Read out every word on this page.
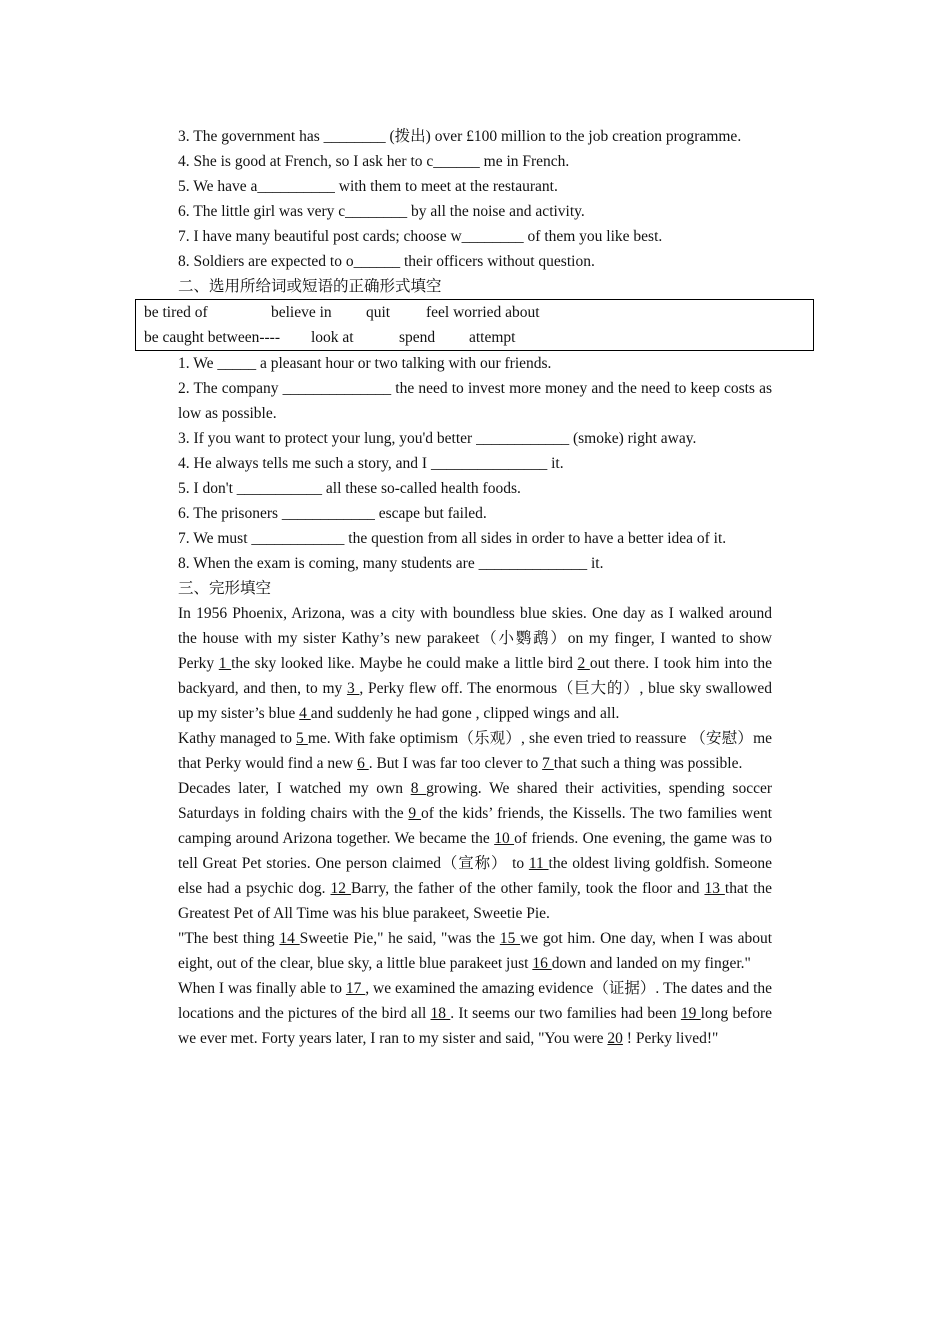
3. The government has ________ (拨出) over £100 million to the job creation programme.

4. She is good at French, so I ask her to c______ me in French.

5. We have a__________ with them to meet at the restaurant.

6. The little girl was very c________ by all the noise and activity.

7. I have many beautiful post cards; choose w________ of them you like best.

8. Soldiers are expected to o______ their officers without question.

二、选用所给词或短语的正确形式填空

be tired of	believe in quit feel worried about
be caught between---- look at	spend attempt

1. We _____ a pleasant hour or two talking with our friends.

2. The company ______________ the need to invest more money and the need to keep costs as low as possible.

3. If you want to protect your lung, you'd better ____________ (smoke) right away.

4. He always tells me such a story, and I _______________ it.

5. I don't ___________ all these so-called health foods.

6. The prisoners ____________ escape but failed.

7. We must ____________ the question from all sides in order to have a better idea of it.

8. When the exam is coming, many students are ______________ it.

三、完形填空

In 1956 Phoenix, Arizona, was a city with boundless blue skies. One day as I walked around the house with my sister Kathy’s new parakeet（小鹦鹉）on my finger, I wanted to show Perky 1 the sky looked like. Maybe he could make a little bird 2 out there. I took him into the backyard, and then, to my 3 , Perky flew off. The enormous（巨大的）, blue sky swallowed up my sister’s blue 4 and suddenly he had gone , clipped wings and all.

Kathy managed to 5 me. With fake optimism（乐观）, she even tried to reassure （安慰）me that Perky would find a new 6 . But I was far too clever to 7 that such a thing was possible.

Decades later, I watched my own 8 growing. We shared their activities, spending soccer Saturdays in folding chairs with the 9 of the kids’ friends, the Kissells. The two families went camping around Arizona together. We became the 10 of friends. One evening, the game was to tell Great Pet stories. One person claimed（宣称） to 11 the oldest living goldfish. Someone else had a psychic dog. 12 Barry, the father of the other family, took the floor and 13 that the Greatest Pet of All Time was his blue parakeet, Sweetie Pie.

"The best thing 14 Sweetie Pie," he said, "was the 15 we got him. One day, when I was about eight, out of the clear, blue sky, a little blue parakeet just 16 down and landed on my finger."

When I was finally able to 17 , we examined the amazing evidence（证据）. The dates and the locations and the pictures of the bird all 18 . It seems our two families had been 19 long before we ever met. Forty years later, I ran to my sister and said, "You were 20 ! Perky lived!"
